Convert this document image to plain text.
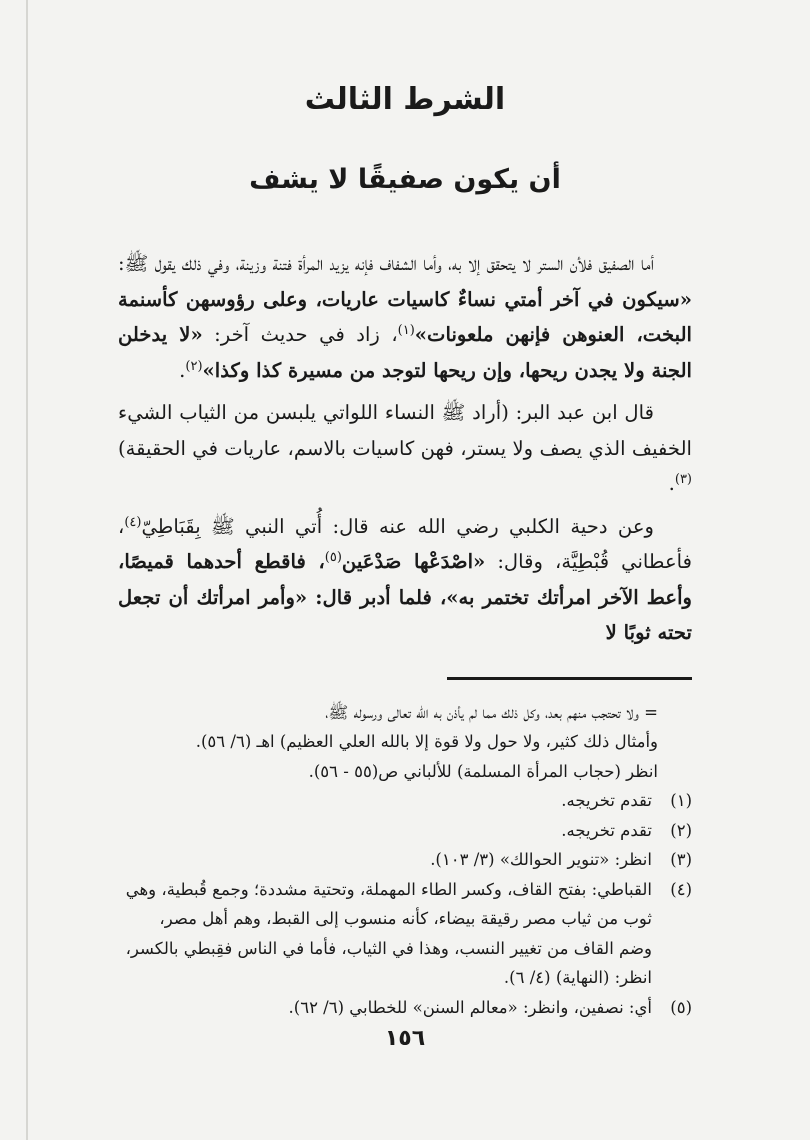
الشرط الثالث
أن يكون صفيقًا لا يشف

أما الصفيق فلأن الستر لا يتحقق إلا به، وأما الشفاف فإنه يزيد المرأة فتنة وزينة، وفي ذلك يقول ﷺ: «سيكون في آخر أمتي نساءٌ كاسيات عاريات، وعلى رؤوسهن كأسنمة البخت، العنوهن فإنهن ملعونات»$^{(١)}$، زاد في حديث آخر: «لا يدخلن الجنة ولا يجدن ريحها، وإن ريحها لتوجد من مسيرة كذا وكذا»$^{(٢)}$.

قال ابن عبد البر: (أراد ﷺ النساء اللواتي يلبسن من الثياب الشيء الخفيف الذي يصف ولا يستر، فهن كاسيات بالاسم، عاريات في الحقيقة)$^{(٣)}$.

وعن دحية الكلبي رضي الله عنه قال: أُتي النبي ﷺ بِقَبَاطِيّ$^{(٤)}$، فأعطاني قُبْطِيَّة، وقال: «اصْدَعْها صَدْعَين$^{(٥)}$، فاقطع أحدهما قميصًا، وأعط الآخر امرأتك تختمر به»، فلما أدبر قال: «وأمر امرأتك أن تجعل تحته ثوبًا لا

= ولا تحتجب منهم بعد، وكل ذلك مما لم يأذن به الله تعالى ورسوله ﷺ،
وأمثال ذلك كثير، ولا حول ولا قوة إلا بالله العلي العظيم) اهـ (٦/ ٥٦).
انظر (حجاب المرأة المسلمة) للألباني ص(٥٥ - ٥٦).
(١)
تقدم تخريجه.
(٢)
تقدم تخريجه.
(٣)
انظر: «تنوير الحوالك» (٣/ ١٠٣).
(٤)
القباطي: بفتح القاف، وكسر الطاء المهملة، وتحتية مشددة؛ وجمع قُبطية، وهي
ثوب من ثياب مصر رقيقة بيضاء، كأنه منسوب إلى القبط، وهم أهل مصر،
وضم القاف من تغيير النسب، وهذا في الثياب، فأما في الناس فقِبطي بالكسر،
انظر: (النهاية) (٤/ ٦).
(٥)
أي: نصفين، وانظر: «معالم السنن» للخطابي (٦/ ٦٢).
١٥٦
